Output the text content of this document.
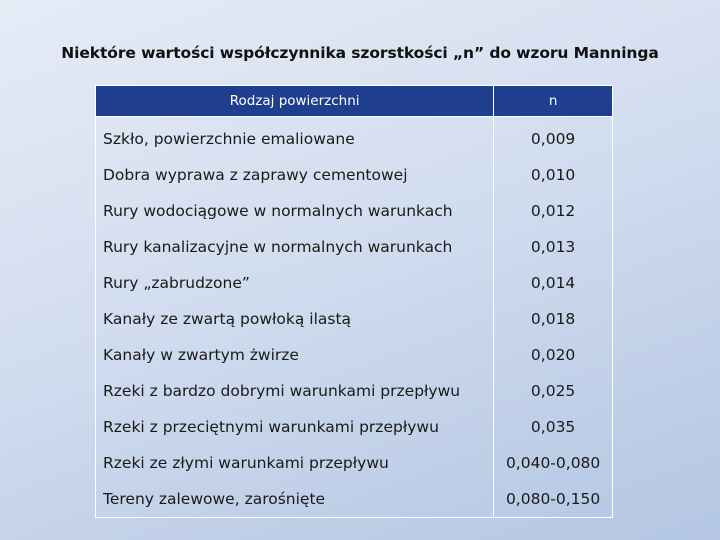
Niektóre wartości współczynnika szorstkości „n” do wzoru Manninga
Rodzaj powierzchni	n
Szkło, powierzchnie emaliowane	0,009
Dobra wyprawa z zaprawy cementowej	0,010
Rury wodociągowe w normalnych warunkach	0,012
Rury kanalizacyjne w normalnych warunkach	0,013
Rury „zabrudzone”	0,014
Kanały ze zwartą powłoką ilastą	0,018
Kanały w zwartym żwirze	0,020
Rzeki z bardzo dobrymi warunkami przepływu	0,025
Rzeki z przeciętnymi warunkami przepływu	0,035
Rzeki ze złymi warunkami przepływu	0,040-0,080
Tereny zalewowe, zarośnięte	0,080-0,150
